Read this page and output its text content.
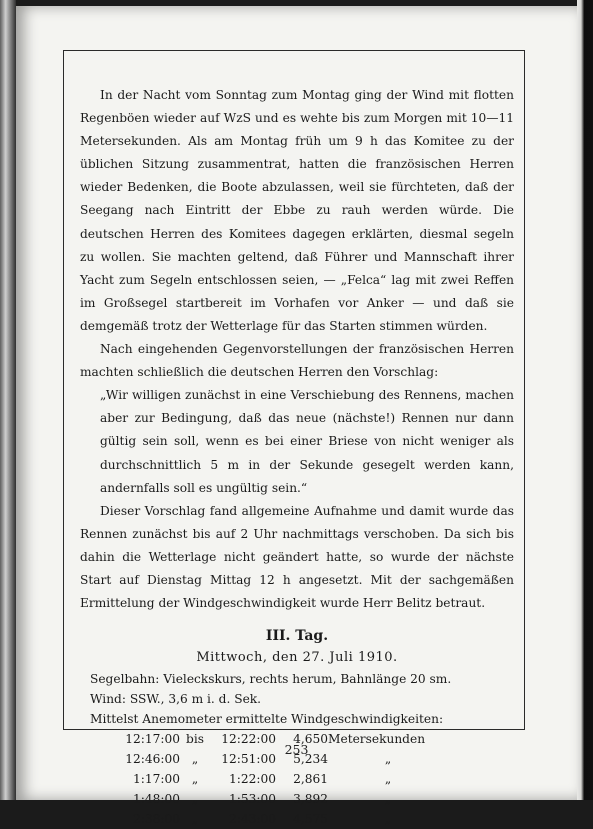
In der Nacht vom Sonntag zum Montag ging der Wind mit flotten Regenböen wieder auf WzS und es wehte bis zum Morgen mit 10—11 Metersekunden. Als am Montag früh um 9 h das Komitee zu der üblichen Sitzung zusammentrat, hatten die französischen Herren wieder Bedenken, die Boote abzulassen, weil sie fürchteten, daß der Seegang nach Eintritt der Ebbe zu rauh werden würde. Die deutschen Herren des Komitees dagegen erklärten, diesmal segeln zu wollen. Sie machten geltend, daß Führer und Mannschaft ihrer Yacht zum Segeln entschlossen seien, — „Felca“ lag mit zwei Reffen im Großsegel startbereit im Vorhafen vor Anker — und daß sie demgemäß trotz der Wetterlage für das Starten stimmen würden.

Nach eingehenden Gegenvorstellungen der französischen Herren machten schließlich die deutschen Herren den Vorschlag:

„Wir willigen zunächst in eine Verschiebung des Rennens, machen aber zur Bedingung, daß das neue (nächste!) Rennen nur dann gültig sein soll, wenn es bei einer Briese von nicht weniger als durchschnittlich 5 m in der Sekunde gesegelt werden kann, andernfalls soll es ungültig sein.“

Dieser Vorschlag fand allgemeine Aufnahme und damit wurde das Rennen zunächst bis auf 2 Uhr nachmittags verschoben. Da sich bis dahin die Wetterlage nicht geändert hatte, so wurde der nächste Start auf Dienstag Mittag 12 h angesetzt. Mit der sachgemäßen Ermittelung der Windgeschwindigkeit wurde Herr Belitz betraut.

III. Tag.

Mittwoch, den 27. Juli 1910.

Segelbahn: Vieleckskurs, rechts herum, Bahnlänge 20 sm.

Wind: SSW., 3,6 m i. d. Sek.

Mittelst Anemometer ermittelte Windgeschwindigkeiten:

12:17:00	bis	12:22:00	4,650	Metersekunden
12:46:00	„	12:51:00	5,234	„
1:17:00	„	1:22:00	2,861	„
1:48:00	„	1:53:00	3,892	„
2:38:00	„	2:43:00	4,575	„
253
